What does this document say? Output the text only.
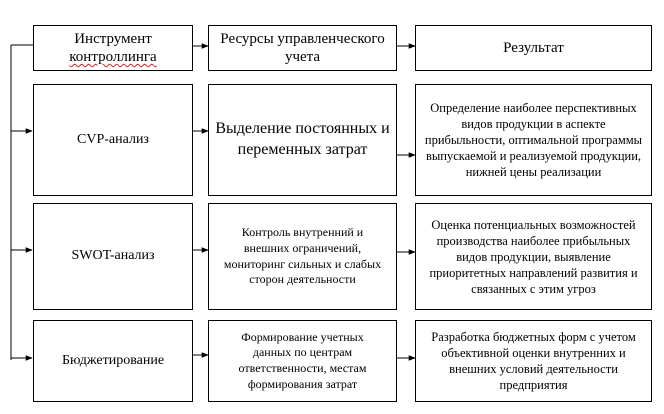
Инструмент
контроллинга
Ресурсы управленческого учета
Результат
CVP-анализ
Выделение постоянных и переменных затрат
Определение наиболее перспективных видов продукции в аспекте прибыльности, оптимальной программы выпускаемой и реализуемой продукции, нижней цены реализации
SWOT-анализ
Контроль внутренний и внешних ограничений, мониторинг сильных и слабых сторон деятельности
Оценка потенциальных возможностей производства наиболее прибыльных видов продукции, выявление приоритетных направлений развития и связанных с этим угроз
Бюджетирование
Формирование учетных данных по центрам ответственности, местам формирования затрат
Разработка бюджетных форм с учетом объективной оценки внутренних и внешних условий деятельности предприятия
